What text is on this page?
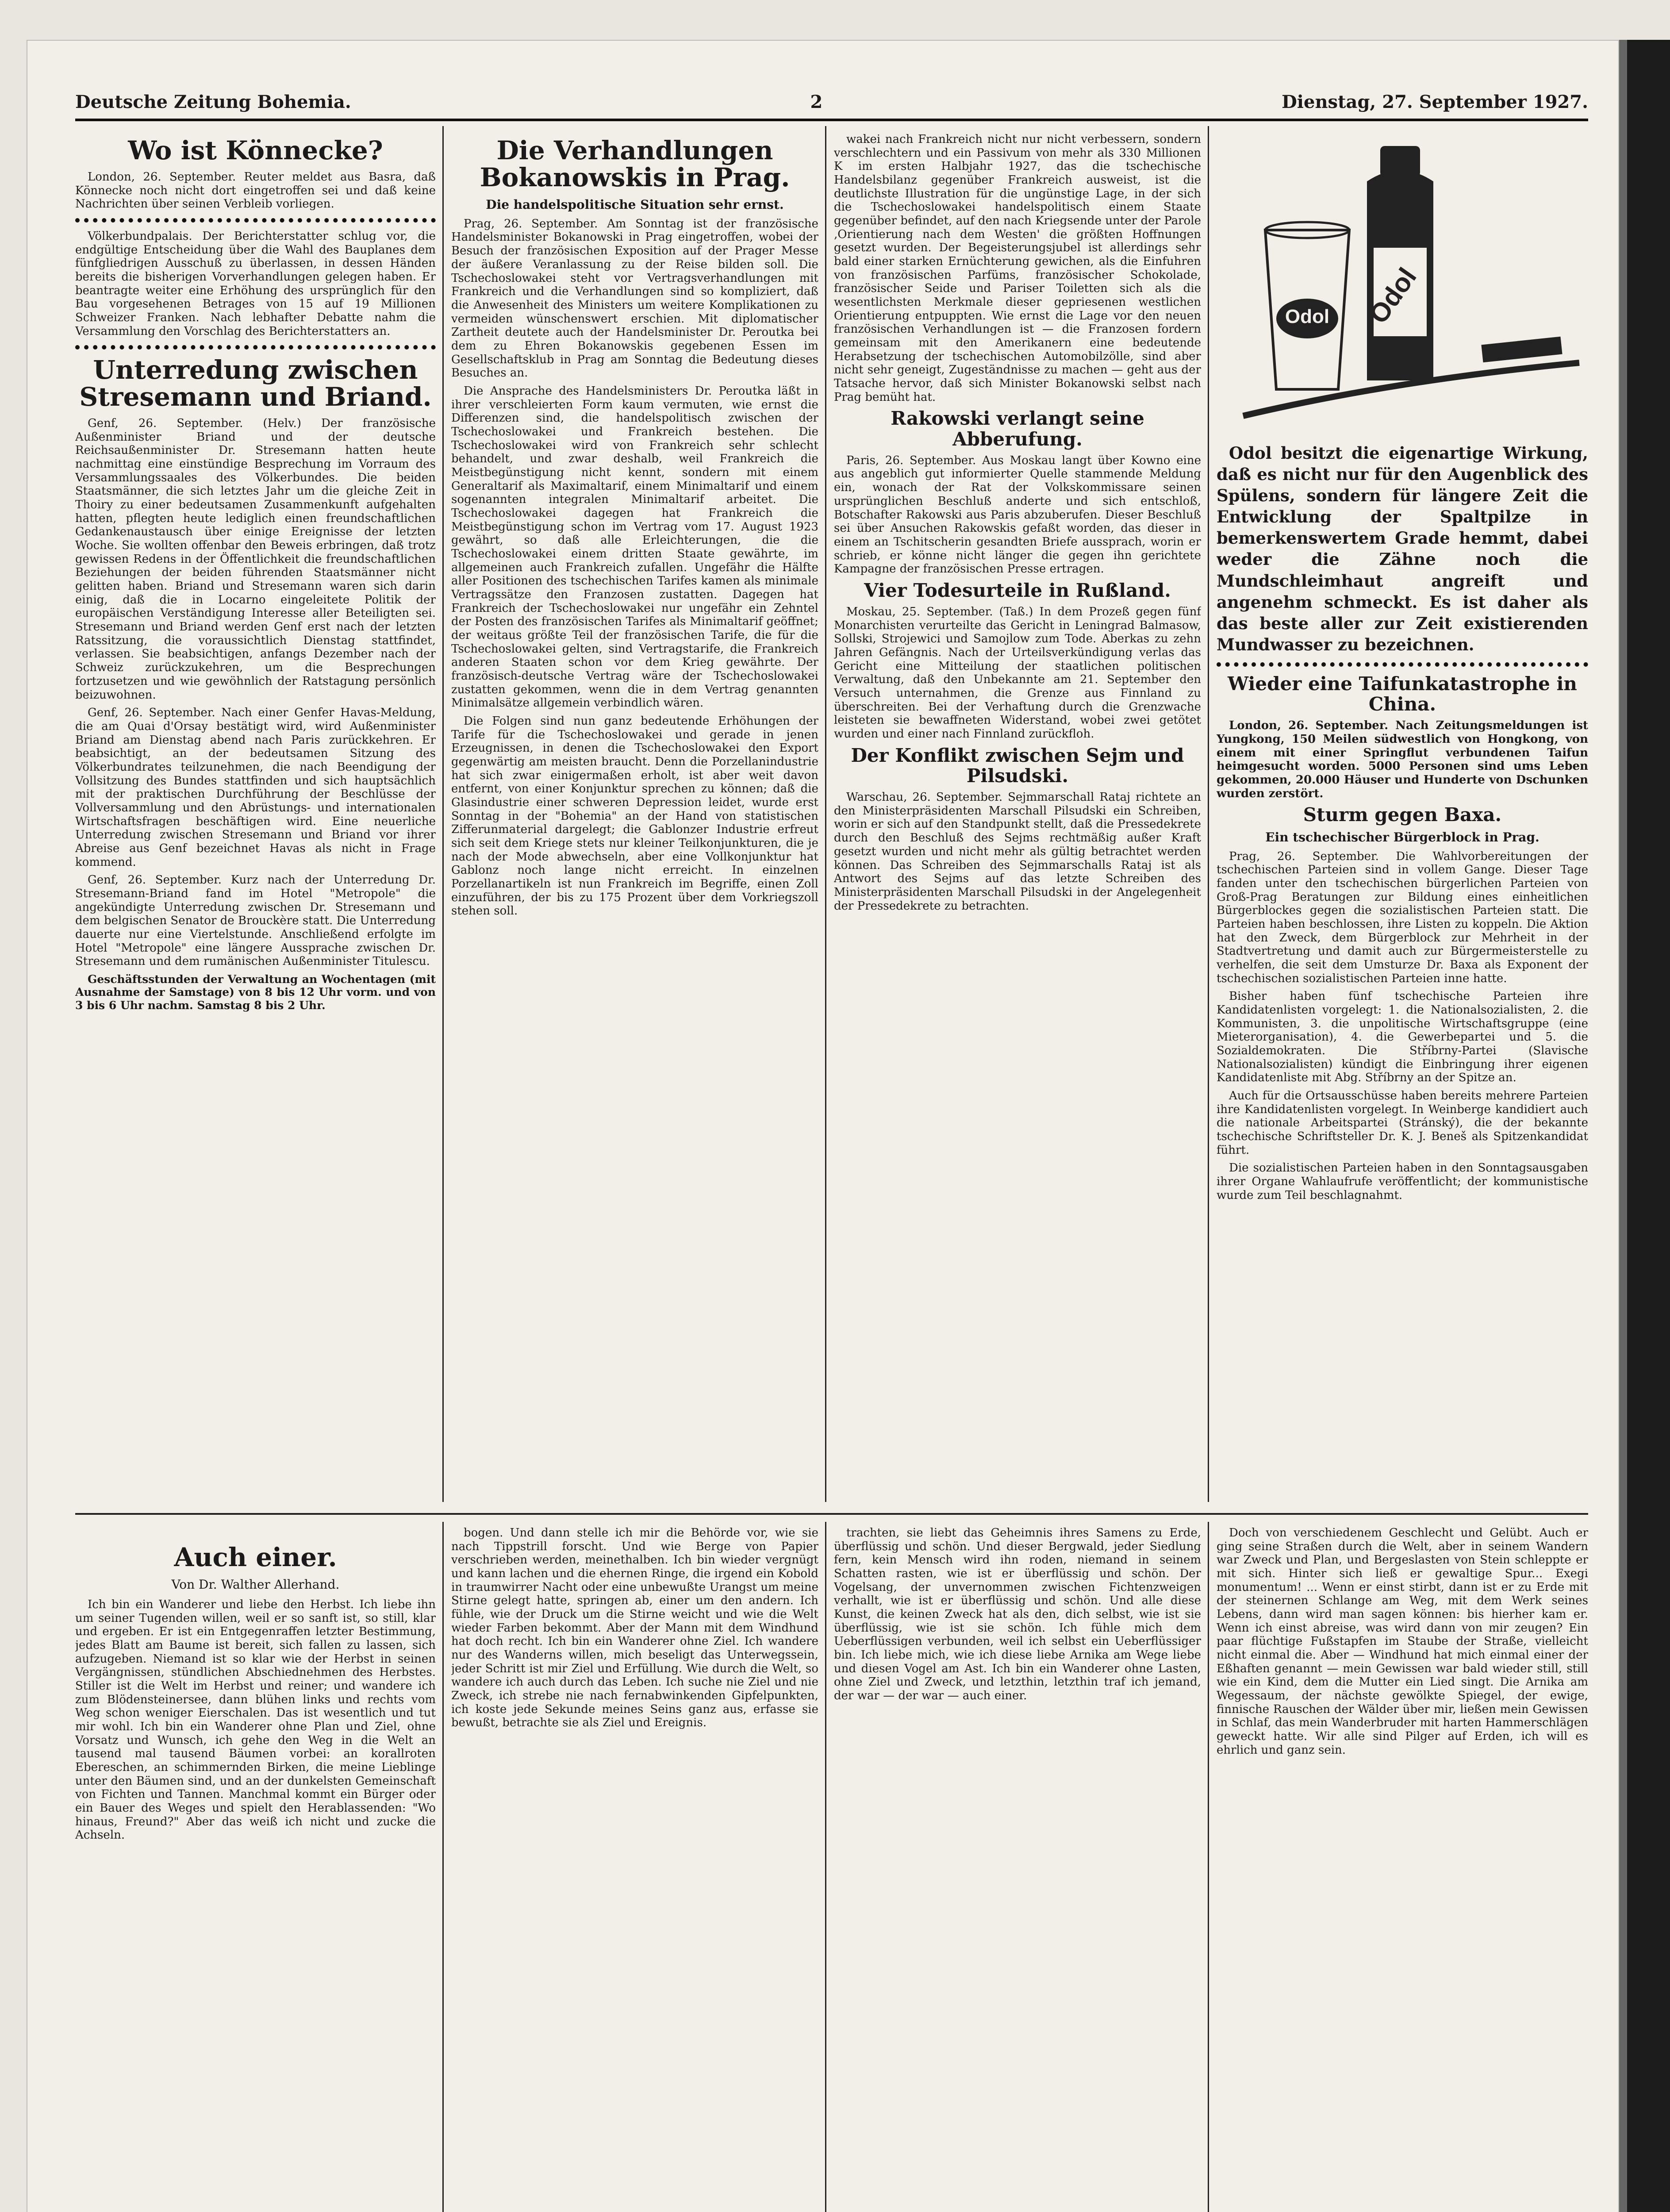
Deutsche Zeitung Bohemia.	2	Dienstag, 27. September 1927.
Wo ist Könnecke?

London, 26. September. Reuter meldet aus Basra, daß Könnecke noch nicht dort eingetroffen sei und daß keine Nachrichten über seinen Verbleib vorliegen.

Völkerbundpalais. Der Berichterstatter schlug vor, die endgültige Entscheidung über die Wahl des Bauplanes dem fünfgliedrigen Ausschuß zu überlassen, in dessen Händen bereits die bisherigen Vorverhandlungen gelegen haben. Er beantragte weiter eine Erhöhung des ursprünglich für den Bau vorgesehenen Betrages von 15 auf 19 Millionen Schweizer Franken. Nach lebhafter Debatte nahm die Versammlung den Vorschlag des Berichterstatters an.

Unterredung zwischen Stresemann und Briand.

Genf, 26. September. (Helv.) Der französische Außenminister Briand und der deutsche Reichsaußenminister Dr. Stresemann hatten heute nachmittag eine einstündige Besprechung im Vorraum des Versammlungssaales des Völkerbundes. Die beiden Staatsmänner, die sich letztes Jahr um die gleiche Zeit in Thoiry zu einer bedeutsamen Zusammenkunft aufgehalten hatten, pflegten heute lediglich einen freundschaftlichen Gedankenaustausch über einige Ereignisse der letzten Woche. Sie wollten offenbar den Beweis erbringen, daß trotz gewissen Redens in der Öffentlichkeit die freundschaftlichen Beziehungen der beiden führenden Staatsmänner nicht gelitten haben. Briand und Stresemann waren sich darin einig, daß die in Locarno eingeleitete Politik der europäischen Verständigung Interesse aller Beteiligten sei. Stresemann und Briand werden Genf erst nach der letzten Ratssitzung, die voraussichtlich Dienstag stattfindet, verlassen. Sie beabsichtigen, anfangs Dezember nach der Schweiz zurückzukehren, um die Besprechungen fortzusetzen und wie gewöhnlich der Ratstagung persönlich beizuwohnen.

Genf, 26. September. Nach einer Genfer Havas-Meldung, die am Quai d'Orsay bestätigt wird, wird Außenminister Briand am Dienstag abend nach Paris zurückkehren. Er beabsichtigt, an der bedeutsamen Sitzung des Völkerbundrates teilzunehmen, die nach Beendigung der Vollsitzung des Bundes stattfinden und sich hauptsächlich mit der praktischen Durchführung der Beschlüsse der Vollversammlung und den Abrüstungs- und internationalen Wirtschaftsfragen beschäftigen wird. Eine neuerliche Unterredung zwischen Stresemann und Briand vor ihrer Abreise aus Genf bezeichnet Havas als nicht in Frage kommend.

Genf, 26. September. Kurz nach der Unterredung Dr. Stresemann-Briand fand im Hotel "Metropole" die angekündigte Unterredung zwischen Dr. Stresemann und dem belgischen Senator de Brouckère statt. Die Unterredung dauerte nur eine Viertelstunde. Anschließend erfolgte im Hotel "Metropole" eine längere Aussprache zwischen Dr. Stresemann und dem rumänischen Außenminister Titulescu.

Geschäftsstunden der Verwaltung an Wochentagen (mit Ausnahme der Samstage) von 8 bis 12 Uhr vorm. und von 3 bis 6 Uhr nachm. Samstag 8 bis 2 Uhr.

Die Verhandlungen Bokanowskis in Prag.
Die handelspolitische Situation sehr ernst.

Prag, 26. September. Am Sonntag ist der französische Handelsminister Bokanowski in Prag eingetroffen, wobei der Besuch der französischen Exposition auf der Prager Messe der äußere Veranlassung zu der Reise bilden soll. Die Tschechoslowakei steht vor Vertragsverhandlungen mit Frankreich und die Verhandlungen sind so kompliziert, daß die Anwesenheit des Ministers um weitere Komplikationen zu vermeiden wünschenswert erschien. Mit diplomatischer Zartheit deutete auch der Handelsminister Dr. Peroutka bei dem zu Ehren Bokanowskis gegebenen Essen im Gesellschaftsklub in Prag am Sonntag die Bedeutung dieses Besuches an.

Die Ansprache des Handelsministers Dr. Peroutka läßt in ihrer verschleierten Form kaum vermuten, wie ernst die Differenzen sind, die handelspolitisch zwischen der Tschechoslowakei und Frankreich bestehen. Die Tschechoslowakei wird von Frankreich sehr schlecht behandelt, und zwar deshalb, weil Frankreich die Meistbegünstigung nicht kennt, sondern mit einem Generaltarif als Maximaltarif, einem Minimaltarif und einem sogenannten integralen Minimaltarif arbeitet. Die Tschechoslowakei dagegen hat Frankreich die Meistbegünstigung schon im Vertrag vom 17. August 1923 gewährt, so daß alle Erleichterungen, die die Tschechoslowakei einem dritten Staate gewährte, im allgemeinen auch Frankreich zufallen. Ungefähr die Hälfte aller Positionen des tschechischen Tarifes kamen als minimale Vertragssätze den Franzosen zustatten. Dagegen hat Frankreich der Tschechoslowakei nur ungefähr ein Zehntel der Posten des französischen Tarifes als Minimaltarif geöffnet; der weitaus größte Teil der französischen Tarife, die für die Tschechoslowakei gelten, sind Vertragstarife, die Frankreich anderen Staaten schon vor dem Krieg gewährte. Der französisch-deutsche Vertrag wäre der Tschechoslowakei zustatten gekommen, wenn die in dem Vertrag genannten Minimalsätze allgemein verbindlich wären.

Die Folgen sind nun ganz bedeutende Erhöhungen der Tarife für die Tschechoslowakei und gerade in jenen Erzeugnissen, in denen die Tschechoslowakei den Export gegenwärtig am meisten braucht. Denn die Porzellanindustrie hat sich zwar einigermaßen erholt, ist aber weit davon entfernt, von einer Konjunktur sprechen zu können; daß die Glasindustrie einer schweren Depression leidet, wurde erst Sonntag in der "Bohemia" an der Hand von statistischen Zifferunmaterial dargelegt; die Gablonzer Industrie erfreut sich seit dem Kriege stets nur kleiner Teilkonjunkturen, die je nach der Mode abwechseln, aber eine Vollkonjunktur hat Gablonz noch lange nicht erreicht. In einzelnen Porzellanartikeln ist nun Frankreich im Begriffe, einen Zoll einzuführen, der bis zu 175 Prozent über dem Vorkriegszoll stehen soll.

wakei nach Frankreich nicht nur nicht verbessern, sondern verschlechtern und ein Passivum von mehr als 330 Millionen K im ersten Halbjahr 1927, das die tschechische Handelsbilanz gegenüber Frankreich ausweist, ist die deutlichste Illustration für die ungünstige Lage, in der sich die Tschechoslowakei handelspolitisch einem Staate gegenüber befindet, auf den nach Kriegsende unter der Parole ‚Orientierung nach dem Westen' die größten Hoffnungen gesetzt wurden. Der Begeisterungsjubel ist allerdings sehr bald einer starken Ernüchterung gewichen, als die Einfuhren von französischen Parfüms, französischer Schokolade, französischer Seide und Pariser Toiletten sich als die wesentlichsten Merkmale dieser gepriesenen westlichen Orientierung entpuppten. Wie ernst die Lage vor den neuen französischen Verhandlungen ist — die Franzosen fordern gemeinsam mit den Amerikanern eine bedeutende Herabsetzung der tschechischen Automobilzölle, sind aber nicht sehr geneigt, Zugeständnisse zu machen — geht aus der Tatsache hervor, daß sich Minister Bokanowski selbst nach Prag bemüht hat.

Rakowski verlangt seine Abberufung.

Paris, 26. September. Aus Moskau langt über Kowno eine aus angeblich gut informierter Quelle stammende Meldung ein, wonach der Rat der Volkskommissare seinen ursprünglichen Beschluß anderte und sich entschloß, Botschafter Rakowski aus Paris abzuberufen. Dieser Beschluß sei über Ansuchen Rakowskis gefaßt worden, das dieser in einem an Tschitscherin gesandten Briefe aussprach, worin er schrieb, er könne nicht länger die gegen ihn gerichtete Kampagne der französischen Presse ertragen.

Vier Todesurteile in Rußland.

Moskau, 25. September. (Taß.) In dem Prozeß gegen fünf Monarchisten verurteilte das Gericht in Leningrad Balmasow, Sollski, Strojewici und Samojlow zum Tode. Aberkas zu zehn Jahren Gefängnis. Nach der Urteilsverkündigung verlas das Gericht eine Mitteilung der staatlichen politischen Verwaltung, daß den Unbekannte am 21. September den Versuch unternahmen, die Grenze aus Finnland zu überschreiten. Bei der Verhaftung durch die Grenzwache leisteten sie bewaffneten Widerstand, wobei zwei getötet wurden und einer nach Finnland zurückfloh.

Der Konflikt zwischen Sejm und Pilsudski.

Warschau, 26. September. Sejmmarschall Rataj richtete an den Ministerpräsidenten Marschall Pilsudski ein Schreiben, worin er sich auf den Standpunkt stellt, daß die Pressedekrete durch den Beschluß des Sejms rechtmäßig außer Kraft gesetzt wurden und nicht mehr als gültig betrachtet werden können. Das Schreiben des Sejmmarschalls Rataj ist als Antwort des Sejms auf das letzte Schreiben des Ministerpräsidenten Marschall Pilsudski in der Angelegenheit der Pressedekrete zu betrachten.

Odol Odol

Odol besitzt die eigenartige Wirkung, daß es nicht nur für den Augenblick des Spülens, sondern für längere Zeit die Entwicklung der Spaltpilze in bemerkenswertem Grade hemmt, dabei weder die Zähne noch die Mundschleimhaut angreift und angenehm schmeckt. Es ist daher als das beste aller zur Zeit existierenden Mundwasser zu bezeichnen.

Wieder eine Taifunkatastrophe in China.

London, 26. September. Nach Zeitungsmeldungen ist Yungkong, 150 Meilen südwestlich von Hongkong, von einem mit einer Springflut verbundenen Taifun heimgesucht worden. 5000 Personen sind ums Leben gekommen, 20.000 Häuser und Hunderte von Dschunken wurden zerstört.

Sturm gegen Baxa.
Ein tschechischer Bürgerblock in Prag.

Prag, 26. September. Die Wahlvorbereitungen der tschechischen Parteien sind in vollem Gange. Dieser Tage fanden unter den tschechischen bürgerlichen Parteien von Groß-Prag Beratungen zur Bildung eines einheitlichen Bürgerblockes gegen die sozialistischen Parteien statt. Die Parteien haben beschlossen, ihre Listen zu koppeln. Die Aktion hat den Zweck, dem Bürgerblock zur Mehrheit in der Stadtvertretung und damit auch zur Bürgermeisterstelle zu verhelfen, die seit dem Umsturze Dr. Baxa als Exponent der tschechischen sozialistischen Parteien inne hatte.

Bisher haben fünf tschechische Parteien ihre Kandidatenlisten vorgelegt: 1. die Nationalsozialisten, 2. die Kommunisten, 3. die unpolitische Wirtschaftsgruppe (eine Mieterorganisation), 4. die Gewerbepartei und 5. die Sozialdemokraten. Die Stříbrny-Partei (Slavische Nationalsozialisten) kündigt die Einbringung ihrer eigenen Kandidatenliste mit Abg. Stříbrny an der Spitze an.

Auch für die Ortsausschüsse haben bereits mehrere Parteien ihre Kandidatenlisten vorgelegt. In Weinberge kandidiert auch die nationale Arbeitspartei (Stránský), die der bekannte tschechische Schriftsteller Dr. K. J. Beneš als Spitzenkandidat führt.

Die sozialistischen Parteien haben in den Sonntagsausgaben ihrer Organe Wahlaufrufe veröffentlicht; der kommunistische wurde zum Teil beschlagnahmt.

Auch einer.
Von Dr. Walther Allerhand.

Ich bin ein Wanderer und liebe den Herbst. Ich liebe ihn um seiner Tugenden willen, weil er so sanft ist, so still, klar und ergeben. Er ist ein Entgegenraffen letzter Bestimmung, jedes Blatt am Baume ist bereit, sich fallen zu lassen, sich aufzugeben. Niemand ist so klar wie der Herbst in seinen Vergängnissen, stündlichen Abschiednehmen des Herbstes. Stiller ist die Welt im Herbst und reiner; und wandere ich zum Blödensteinersee, dann blühen links und rechts vom Weg schon weniger Eierschalen. Das ist wesentlich und tut mir wohl. Ich bin ein Wanderer ohne Plan und Ziel, ohne Vorsatz und Wunsch, ich gehe den Weg in die Welt an tausend mal tausend Bäumen vorbei: an korallroten Ebereschen, an schimmernden Birken, die meine Lieblinge unter den Bäumen sind, und an der dunkelsten Gemeinschaft von Fichten und Tannen. Manchmal kommt ein Bürger oder ein Bauer des Weges und spielt den Herablassenden: "Wo hinaus, Freund?" Aber das weiß ich nicht und zucke die Achseln.

bogen. Und dann stelle ich mir die Behörde vor, wie sie nach Tippstrill forscht. Und wie Berge von Papier verschrieben werden, meinethalben. Ich bin wieder vergnügt und kann lachen und die ehernen Ringe, die irgend ein Kobold in traumwirrer Nacht oder eine unbewußte Urangst um meine Stirne gelegt hatte, springen ab, einer um den andern. Ich fühle, wie der Druck um die Stirne weicht und wie die Welt wieder Farben bekommt. Aber der Mann mit dem Windhund hat doch recht. Ich bin ein Wanderer ohne Ziel. Ich wandere nur des Wanderns willen, mich beseligt das Unterwegssein, jeder Schritt ist mir Ziel und Erfüllung. Wie durch die Welt, so wandere ich auch durch das Leben. Ich suche nie Ziel und nie Zweck, ich strebe nie nach fernabwinkenden Gipfelpunkten, ich koste jede Sekunde meines Seins ganz aus, erfasse sie bewußt, betrachte sie als Ziel und Ereignis.

trachten, sie liebt das Geheimnis ihres Samens zu Erde, überflüssig und schön. Und dieser Bergwald, jeder Siedlung fern, kein Mensch wird ihn roden, niemand in seinem Schatten rasten, wie ist er überflüssig und schön. Der Vogelsang, der unvernommen zwischen Fichtenzweigen verhallt, wie ist er überflüssig und schön. Und alle diese Kunst, die keinen Zweck hat als den, dich selbst, wie ist sie überflüssig, wie ist sie schön. Ich fühle mich dem Ueberflüssigen verbunden, weil ich selbst ein Ueberflüssiger bin. Ich liebe mich, wie ich diese liebe Arnika am Wege liebe und diesen Vogel am Ast. Ich bin ein Wanderer ohne Lasten, ohne Ziel und Zweck, und letzthin, letzthin traf ich jemand, der war — der war — auch einer.

Doch von verschiedenem Geschlecht und Gelübt. Auch er ging seine Straßen durch die Welt, aber in seinem Wandern war Zweck und Plan, und Bergeslasten von Stein schleppte er mit sich. Hinter sich ließ er gewaltige Spur... Exegi monumentum! ... Wenn er einst stirbt, dann ist er zu Erde mit der steinernen Schlange am Weg, mit dem Werk seines Lebens, dann wird man sagen können: bis hierher kam er. Wenn ich einst abreise, was wird dann von mir zeugen? Ein paar flüchtige Fußstapfen im Staube der Straße, vielleicht nicht einmal die. Aber — Windhund hat mich einmal einer der Eßhaften genannt — mein Gewissen war bald wieder still, still wie ein Kind, dem die Mutter ein Lied singt. Die Arnika am Wegessaum, der nächste gewölkte Spiegel, der ewige, finnische Rauschen der Wälder über mir, ließen mein Gewissen in Schlaf, das mein Wanderbruder mit harten Hammerschlägen geweckt hatte. Wir alle sind Pilger auf Erden, ich will es ehrlich und ganz sein.
